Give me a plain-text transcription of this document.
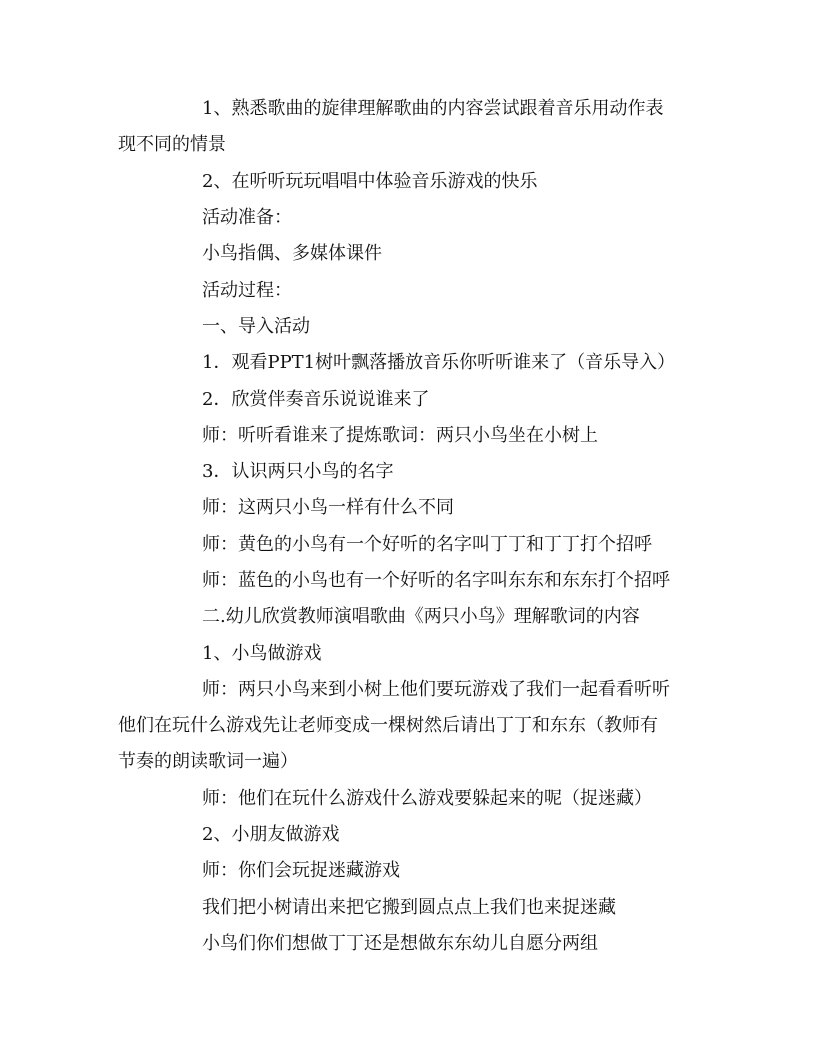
1、熟悉歌曲的旋律理解歌曲的内容尝试跟着音乐用动作表
现不同的情景
2、在听听玩玩唱唱中体验音乐游戏的快乐
活动准备：
小鸟指偶、多媒体课件
活动过程：
一、导入活动
1．观看PPT1树叶飘落播放音乐你听听谁来了（音乐导入）
2．欣赏伴奏音乐说说谁来了
师：听听看谁来了提炼歌词：两只小鸟坐在小树上
3．认识两只小鸟的名字
师：这两只小鸟一样有什么不同
师：黄色的小鸟有一个好听的名字叫丁丁和丁丁打个招呼
师：蓝色的小鸟也有一个好听的名字叫东东和东东打个招呼
二.幼儿欣赏教师演唱歌曲《两只小鸟》理解歌词的内容
1、小鸟做游戏
师：两只小鸟来到小树上他们要玩游戏了我们一起看看听听
他们在玩什么游戏先让老师变成一棵树然后请出丁丁和东东（教师有
节奏的朗读歌词一遍）
师：他们在玩什么游戏什么游戏要躲起来的呢（捉迷藏）
2、小朋友做游戏
师：你们会玩捉迷藏游戏
我们把小树请出来把它搬到圆点点上我们也来捉迷藏
小鸟们你们想做丁丁还是想做东东幼儿自愿分两组
